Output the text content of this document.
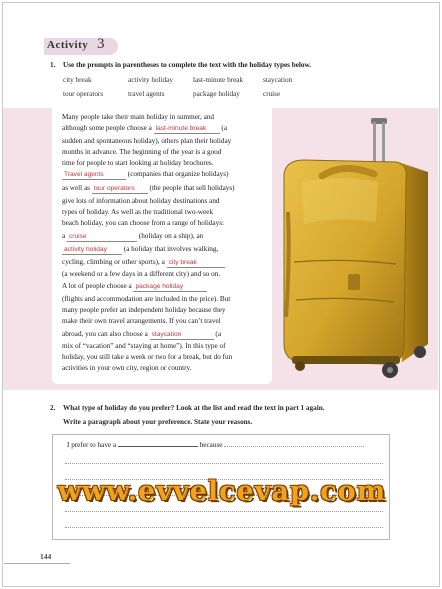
Activity 3
1. Use the prompts in parentheses to complete the text with the holiday types below.
city break	activity holiday	last-minute break	staycation
tour operators	travel agents	package holiday	cruise
Many people take their main holiday in summer, and
although some people choose a last-minute break (a
sudden and spontaneous holiday), others plan their holiday
months in advance. The beginning of the year is a good
time for people to start looking at holiday brochures.
Travel agents	(companies that organize holidays)
as well as tour operators (the people that sell holidays)
give lots of information about holiday destinations and
types of holiday. As well as the traditional two-week
beach holiday, you can choose from a range of holidays:
a cruise	(holiday on a ship), an
activity holiday (a holiday that involves walking,
cycling, climbing or other sports), a city break
(a weekend or a few days in a different city) and so on.
A lot of people choose a package holiday
(flights and accommodation are included in the price). But
many people prefer an independent holiday because they
make their own travel arrangements. If you can’t travel
abroad, you can also choose a staycation	(a
mix of “vacation” and “staying at home”). In this type of
holiday, you still take a week or two for a break, but do fun
activities in your own city, region or country.
2. What type of holiday do you prefer? Look at the list and read the text in part 1 again.
Write a paragraph about your preference. State your reasons.
I prefer to have a	because
www.evvelcevap.com
144
